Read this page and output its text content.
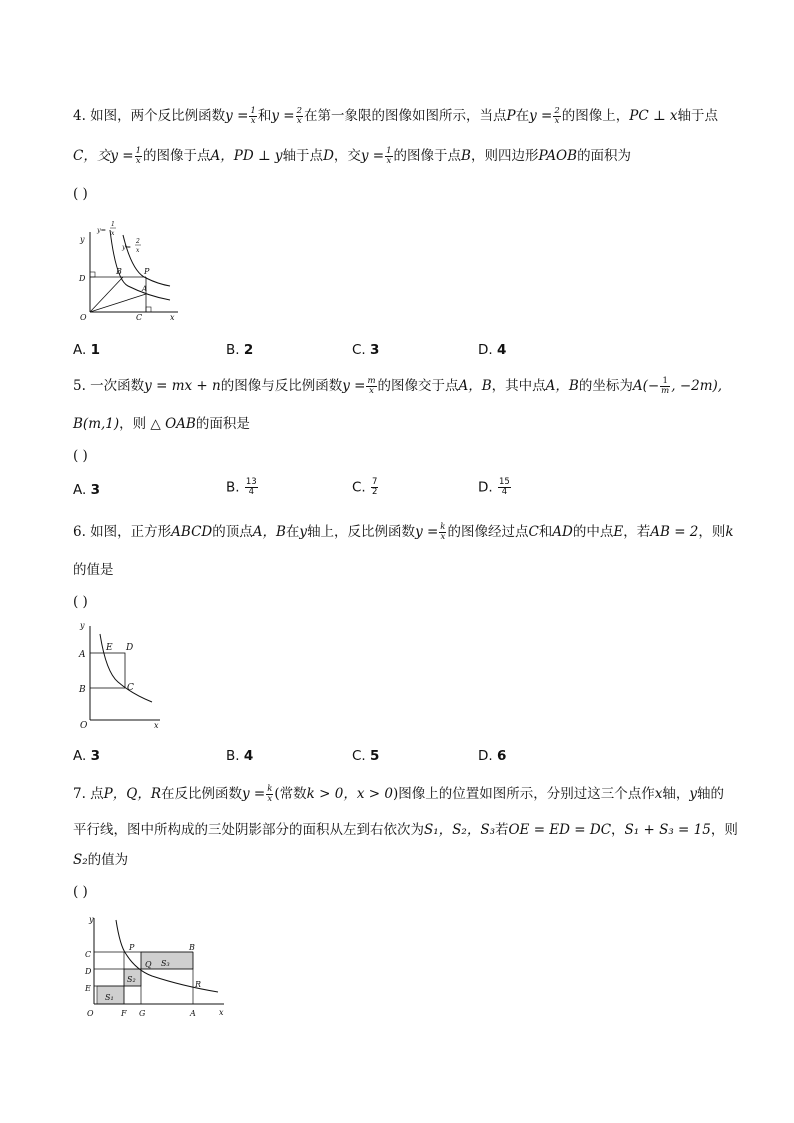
4. 如图，两个反比例函数$y = \frac{1}{x}$ 和$y = \frac{2}{x}$ 在第一象限的图像如图所示，当点P在$y = \frac{2}{x}$ 的图像上，PC ⊥ x轴于点
C，交$y = \frac{1}{x}$ 的图像于点A，PD ⊥ y轴于点D，交$y = \frac{1}{x}$ 的图像于点B，则四边形PAOB的面积为
( )
y
x
O
D
B	P
A
C
y=
1
x
y=
2
x
A. 1	B. 2	C. 3	D. 4
5. 一次函数y = mx + n的图像与反比例函数$y = \frac{m}{x}$ 的图像交于点A，B，其中点A，B的坐标为$A(- \frac{1}{m}$ , −2m),
B(m,1)，则 △ OAB的面积是
( )
A. 3	B. $\frac{13}{4}$	C. $\frac{7}{2}$	D. $\frac{15}{4}$
6. 如图，正方形ABCD的顶点A，B在y轴上，反比例函数$y = \frac{k}{x}$ 的图像经过点C和AD的中点E，若AB = 2，则k
的值是
( )
y
x
O
A
B
E D
C
A. 3	B. 4	C. 5	D. 6
7. 点P，Q，R在反比例函数$y = \frac{k}{x}$ (常数k > 0，x > 0)图像上的位置如图所示，分别过这三个点作x轴，y轴的
平行线，图中所构成的三处阴影部分的面积从左到右依次为S₁，S₂，S₃若OE = ED = DC，S₁ + S₃ = 15，则
S₂的值为
( )
y
x
O
C
D
E
F G	A
P
Q
R
B
S₁
S₂
S₃
